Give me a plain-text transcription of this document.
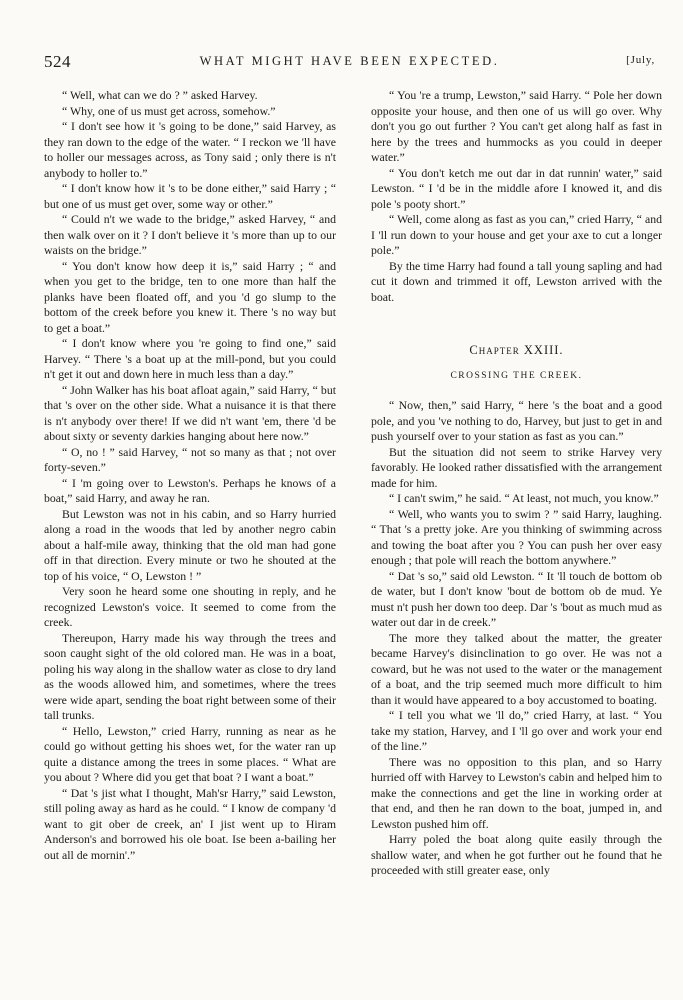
524	WHAT MIGHT HAVE BEEN EXPECTED.	[July,

“ Well, what can we do ? ” asked Harvey.

“ Why, one of us must get across, somehow.”

“ I don't see how it 's going to be done,” said Harvey, as they ran down to the edge of the water. “ I reckon we 'll have to holler our messages across, as Tony said ; only there is n't anybody to holler to.”

“ I don't know how it 's to be done either,” said Harry ; “ but one of us must get over, some way or other.”

“ Could n't we wade to the bridge,” asked Harvey, “ and then walk over on it ? I don't believe it 's more than up to our waists on the bridge.”

“ You don't know how deep it is,” said Harry ; “ and when you get to the bridge, ten to one more than half the planks have been floated off, and you 'd go slump to the bottom of the creek before you knew it. There 's no way but to get a boat.”

“ I don't know where you 're going to find one,” said Harvey. “ There 's a boat up at the mill-pond, but you could n't get it out and down here in much less than a day.”

“ John Walker has his boat afloat again,” said Harry, “ but that 's over on the other side. What a nuisance it is that there is n't anybody over there! If we did n't want 'em, there 'd be about sixty or seventy darkies hanging about here now.”

“ O, no ! ” said Harvey, “ not so many as that ; not over forty-seven.”

“ I 'm going over to Lewston's. Perhaps he knows of a boat,” said Harry, and away he ran.

But Lewston was not in his cabin, and so Harry hurried along a road in the woods that led by another negro cabin about a half-mile away, thinking that the old man had gone off in that direction. Every minute or two he shouted at the top of his voice, “ O, Lewston ! ”

Very soon he heard some one shouting in reply, and he recognized Lewston's voice. It seemed to come from the creek.

Thereupon, Harry made his way through the trees and soon caught sight of the old colored man. He was in a boat, poling his way along in the shallow water as close to dry land as the woods allowed him, and sometimes, where the trees were wide apart, sending the boat right between some of their tall trunks.

“ Hello, Lewston,” cried Harry, running as near as he could go without getting his shoes wet, for the water ran up quite a distance among the trees in some places. “ What are you about ? Where did you get that boat ? I want a boat.”

“ Dat 's jist what I thought, Mah'sr Harry,” said Lewston, still poling away as hard as he could. “ I know de company 'd want to git ober de creek, an' I jist went up to Hiram Anderson's and borrowed his ole boat. Ise been a-bailing her out all de mornin'.”

“ You 're a trump, Lewston,” said Harry. “ Pole her down opposite your house, and then one of us will go over. Why don't you go out further ? You can't get along half as fast in here by the trees and hummocks as you could in deeper water.”

“ You don't ketch me out dar in dat runnin' water,” said Lewston. “ I 'd be in the middle afore I knowed it, and dis pole 's pooty short.”

“ Well, come along as fast as you can,” cried Harry, “ and I 'll run down to your house and get your axe to cut a longer pole.”

By the time Harry had found a tall young sapling and had cut it down and trimmed it off, Lewston arrived with the boat.

Chapter XXIII.
CROSSING THE CREEK.

“ Now, then,” said Harry, “ here 's the boat and a good pole, and you 've nothing to do, Harvey, but just to get in and push yourself over to your station as fast as you can.”

But the situation did not seem to strike Harvey very favorably. He looked rather dissatisfied with the arrangement made for him.

“ I can't swim,” he said. “ At least, not much, you know.”

“ Well, who wants you to swim ? ” said Harry, laughing. “ That 's a pretty joke. Are you thinking of swimming across and towing the boat after you ? You can push her over easy enough ; that pole will reach the bottom anywhere.”

“ Dat 's so,” said old Lewston. “ It 'll touch de bottom ob de water, but I don't know 'bout de bottom ob de mud. Ye must n't push her down too deep. Dar 's 'bout as much mud as water out dar in de creek.”

The more they talked about the matter, the greater became Harvey's disinclination to go over. He was not a coward, but he was not used to the water or the management of a boat, and the trip seemed much more difficult to him than it would have appeared to a boy accustomed to boating.

“ I tell you what we 'll do,” cried Harry, at last. “ You take my station, Harvey, and I 'll go over and work your end of the line.”

There was no opposition to this plan, and so Harry hurried off with Harvey to Lewston's cabin and helped him to make the connections and get the line in working order at that end, and then he ran down to the boat, jumped in, and Lewston pushed him off.

Harry poled the boat along quite easily through the shallow water, and when he got further out he found that he proceeded with still greater ease, only
